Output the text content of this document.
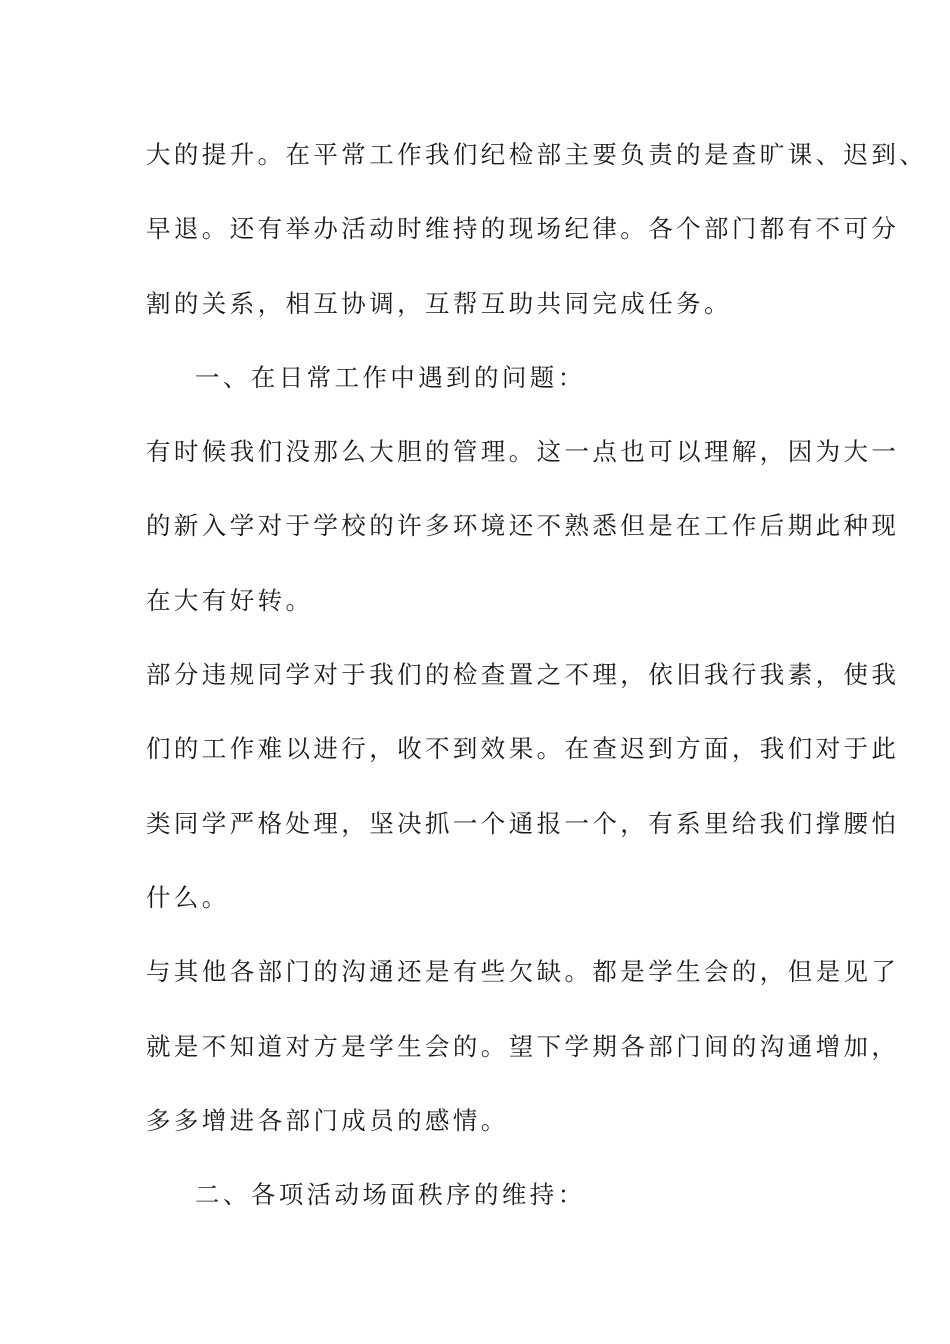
大的提升。在平常工作我们纪检部主要负责的是查旷课、迟到、
早退。还有举办活动时维持的现场纪律。各个部门都有不可分
割的关系，相互协调，互帮互助共同完成任务。
一、在日常工作中遇到的问题：
有时候我们没那么大胆的管理。这一点也可以理解，因为大一
的新入学对于学校的许多环境还不熟悉但是在工作后期此种现
在大有好转。
部分违规同学对于我们的检查置之不理，依旧我行我素，使我
们的工作难以进行，收不到效果。在查迟到方面，我们对于此
类同学严格处理，坚决抓一个通报一个，有系里给我们撑腰怕
什么。
与其他各部门的沟通还是有些欠缺。都是学生会的，但是见了
就是不知道对方是学生会的。望下学期各部门间的沟通增加，
多多增进各部门成员的感情。
二、各项活动场面秩序的维持：
